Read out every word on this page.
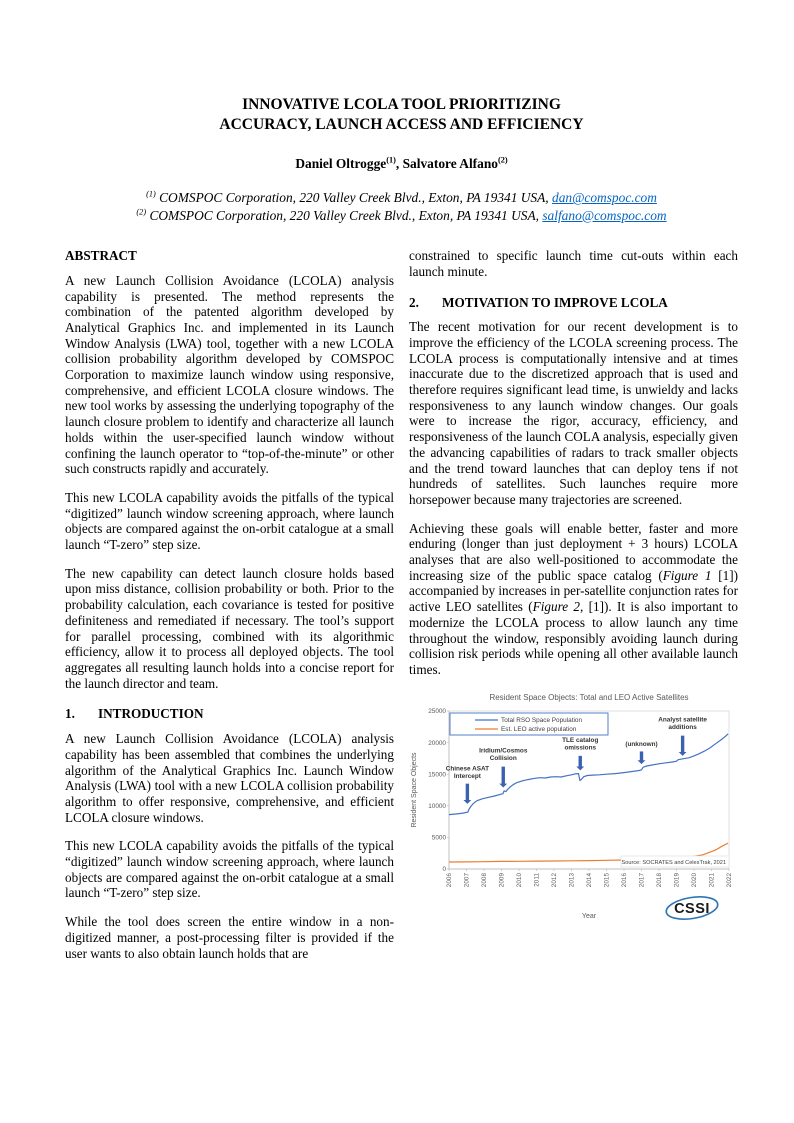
INNOVATIVE LCOLA TOOL PRIORITIZING
ACCURACY, LAUNCH ACCESS AND EFFICIENCY
Daniel Oltrogge$^{(1)}$, Salvatore Alfano$^{(2)}$
$^{(1)}$ COMSPOC Corporation, 220 Valley Creek Blvd., Exton, PA 19341 USA, dan@comspoc.com
$^{(2)}$ COMSPOC Corporation, 220 Valley Creek Blvd., Exton, PA 19341 USA, salfano@comspoc.com
ABSTRACT

A new Launch Collision Avoidance (LCOLA) analysis capability is presented. The method represents the combination of the patented algorithm developed by Analytical Graphics Inc. and implemented in its Launch Window Analysis (LWA) tool, together with a new LCOLA collision probability algorithm developed by COMSPOC Corporation to maximize launch window using responsive, comprehensive, and efficient LCOLA closure windows. The new tool works by assessing the underlying topography of the launch closure problem to identify and characterize all launch holds within the user-specified launch window without confining the launch operator to “top-of-the-minute” or other such constructs rapidly and accurately.

This new LCOLA capability avoids the pitfalls of the typical “digitized” launch window screening approach, where launch objects are compared against the on-orbit catalogue at a small launch “T-zero” step size.

The new capability can detect launch closure holds based upon miss distance, collision probability or both. Prior to the probability calculation, each covariance is tested for positive definiteness and remediated if necessary. The tool’s support for parallel processing, combined with its algorithmic efficiency, allow it to process all deployed objects. The tool aggregates all resulting launch holds into a concise report for the launch director and team.

1. INTRODUCTION

A new Launch Collision Avoidance (LCOLA) analysis capability has been assembled that combines the underlying algorithm of the Analytical Graphics Inc. Launch Window Analysis (LWA) tool with a new LCOLA collision probability algorithm to offer responsive, comprehensive, and efficient LCOLA closure windows.

This new LCOLA capability avoids the pitfalls of the typical “digitized” launch window screening approach, where launch objects are compared against the on-orbit catalogue at a small launch “T-zero” step size.

While the tool does screen the entire window in a non-digitized manner, a post-processing filter is provided if the user wants to also obtain launch holds that are

constrained to specific launch time cut-outs within each launch minute.

2. MOTIVATION TO IMPROVE LCOLA

The recent motivation for our recent development is to improve the efficiency of the LCOLA screening process. The LCOLA process is computationally intensive and at times inaccurate due to the discretized approach that is used and therefore requires significant lead time, is unwieldy and lacks responsiveness to any launch window changes. Our goals were to increase the rigor, accuracy, efficiency, and responsiveness of the launch COLA analysis, especially given the advancing capabilities of radars to track smaller objects and the trend toward launches that can deploy tens if not hundreds of satellites. Such launches require more horsepower because many trajectories are screened.

Achieving these goals will enable better, faster and more enduring (longer than just deployment + 3 hours) LCOLA analyses that are also well-positioned to accommodate the increasing size of the public space catalog (Figure 1 [1]) accompanied by increases in per-satellite conjunction rates for active LEO satellites (Figure 2, [1]). It is also important to modernize the LCOLA process to allow launch any time throughout the window, responsibly avoiding launch during collision risk periods while opening all other available launch times.

Resident Space Objects: Total and LEO Active Satellites
Resident Space Objects
Year
0
5000
10000
15000
20000
25000
2006 2007 2008 2009 2010 2011 2012 2013 2014 2015 2016 2017 2018 2019 2020 2021 2022
Chinese ASAT
Intercept
Iridium/Cosmos
Collision
TLE catalog
omissions
(unknown)
Analyst satellite
additions
Total RSO Space Population
Est. LEO active population
Source: SOCRATES and CelesTrak, 2021
CSSI
